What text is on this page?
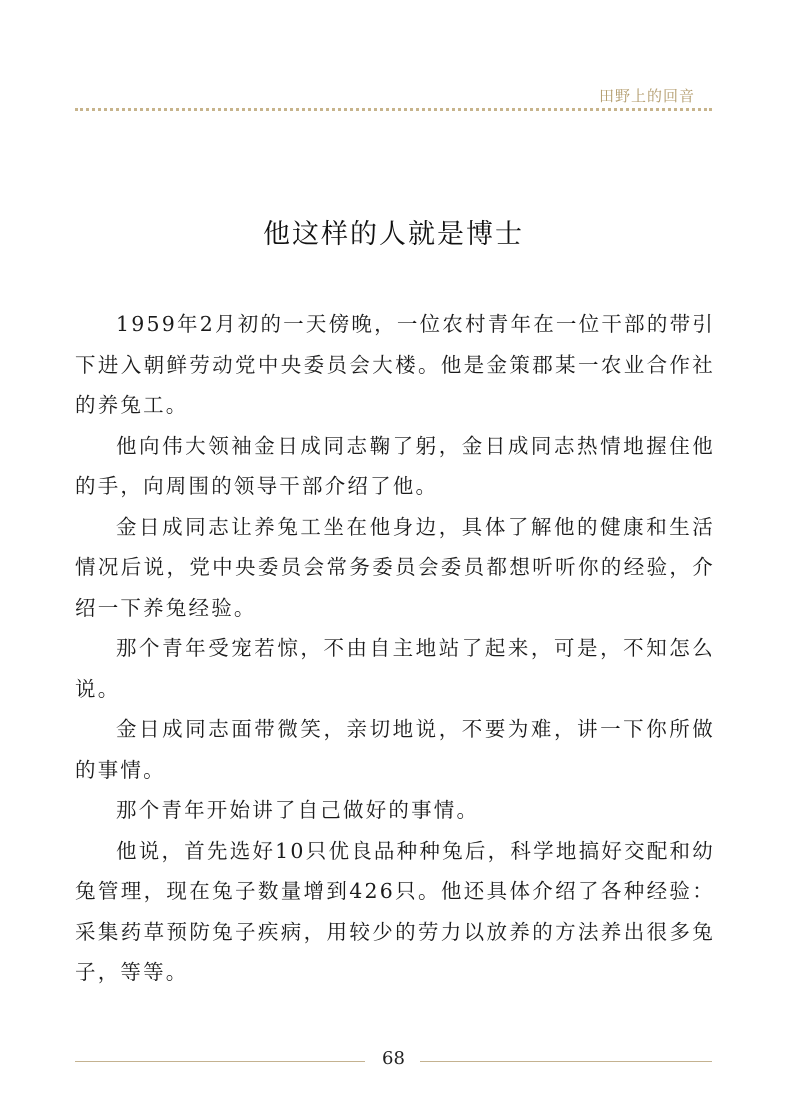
田野上的回音
他这样的人就是博士

1959年2月初的一天傍晚，一位农村青年在一位干部的带引下进入朝鲜劳动党中央委员会大楼。他是金策郡某一农业合作社的养兔工。

他向伟大领袖金日成同志鞠了躬，金日成同志热情地握住他的手，向周围的领导干部介绍了他。

金日成同志让养兔工坐在他身边，具体了解他的健康和生活情况后说，党中央委员会常务委员会委员都想听听你的经验，介绍一下养兔经验。

那个青年受宠若惊，不由自主地站了起来，可是，不知怎么说。

金日成同志面带微笑，亲切地说，不要为难，讲一下你所做的事情。

那个青年开始讲了自己做好的事情。

他说，首先选好10只优良品种种兔后，科学地搞好交配和幼兔管理，现在兔子数量增到426只。他还具体介绍了各种经验：采集药草预防兔子疾病，用较少的劳力以放养的方法养出很多兔子，等等。

68
